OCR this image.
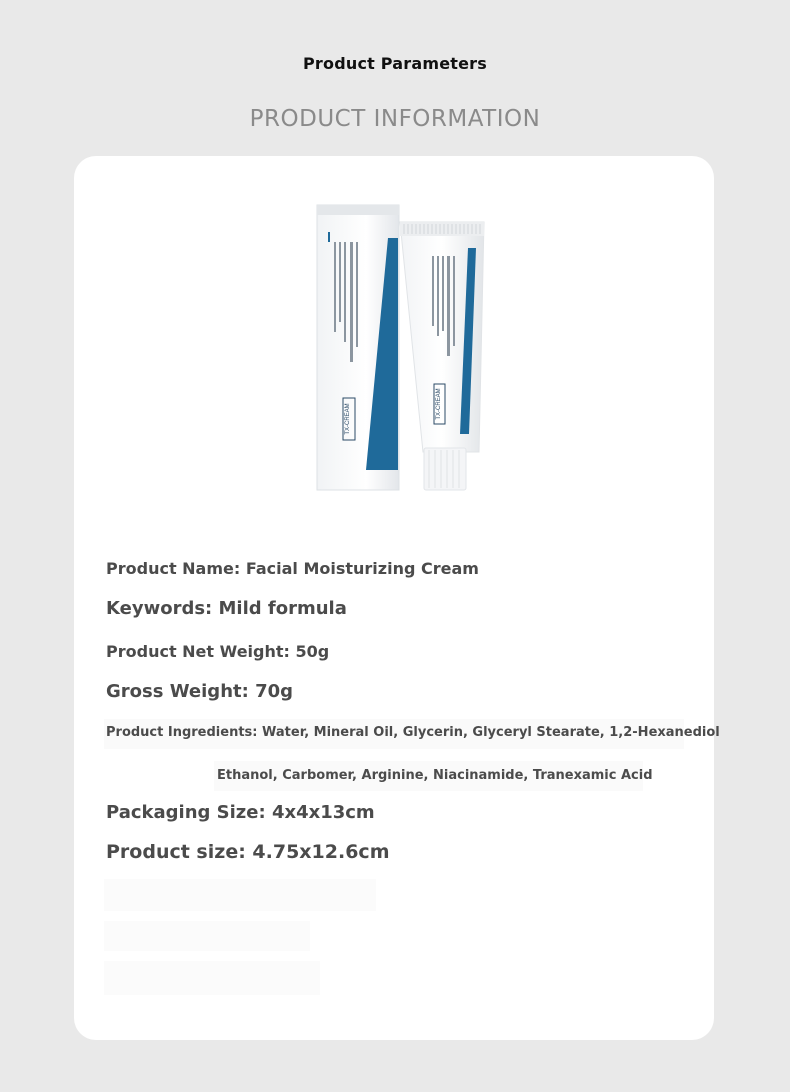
Product Parameters
PRODUCT INFORMATION
TX-CREAM	TX-CREAM
Product Name: Facial Moisturizing Cream
Keywords: Mild formula
Product Net Weight: 50g
Gross Weight: 70g
Product Ingredients: Water, Mineral Oil, Glycerin, Glyceryl Stearate, 1,2-Hexanediol
Ethanol, Carbomer, Arginine, Niacinamide, Tranexamic Acid
Packaging Size: 4x4x13cm
Product size: 4.75x12.6cm
